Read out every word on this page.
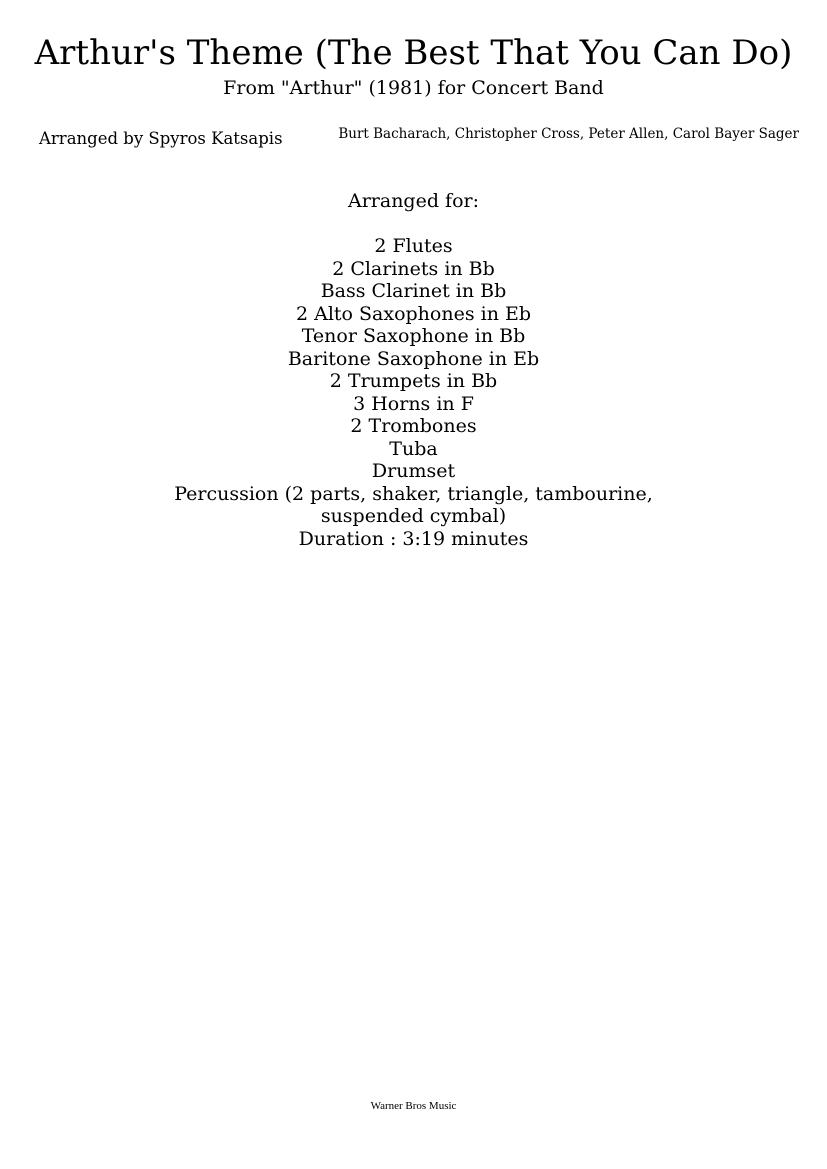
Arthur's Theme (The Best That You Can Do)
From "Arthur" (1981) for Concert Band
Arranged by Spyros Katsapis	Burt Bacharach, Christopher Cross, Peter Allen, Carol Bayer Sager

Arranged for:

2 Flutes

2 Clarinets in Bb

Bass Clarinet in Bb

2 Alto Saxophones in Eb

Tenor Saxophone in Bb

Baritone Saxophone in Eb

2 Trumpets in Bb

3 Horns in F

2 Trombones

Tuba

Drumset

Percussion (2 parts, shaker, triangle, tambourine, suspended cymbal)

Duration : 3:19 minutes

Warner Bros Music
